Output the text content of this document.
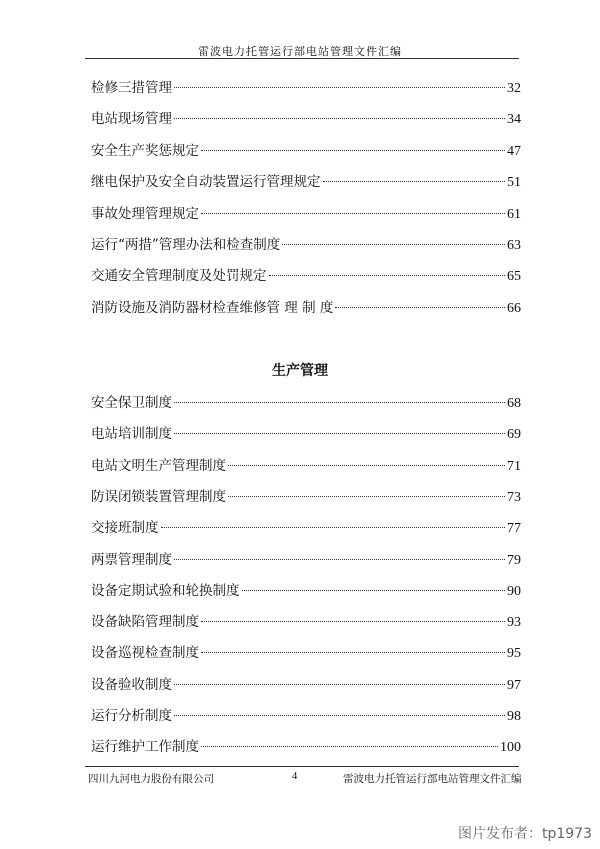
雷波电力托管运行部电站管理文件汇编
检修三措管理	32
电站现场管理	34
安全生产奖惩规定	47
继电保护及安全自动装置运行管理规定	51
事故处理管理规定	61
运行“两措”管理办法和检查制度	63
交通安全管理制度及处罚规定	65
消防设施及消防器材检查维修管 理 制 度	66
生产管理
安全保卫制度	68
电站培训制度	69
电站文明生产管理制度	71
防误闭锁装置管理制度	73
交接班制度	77
两票管理制度	79
设备定期试验和轮换制度	90
设备缺陷管理制度	93
设备巡视检查制度	95
设备验收制度	97
运行分析制度	98
运行维护工作制度	100
四川九河电力股份有限公司	4	雷波电力托管运行部电站管理文件汇编
图片发布者：tp1973
